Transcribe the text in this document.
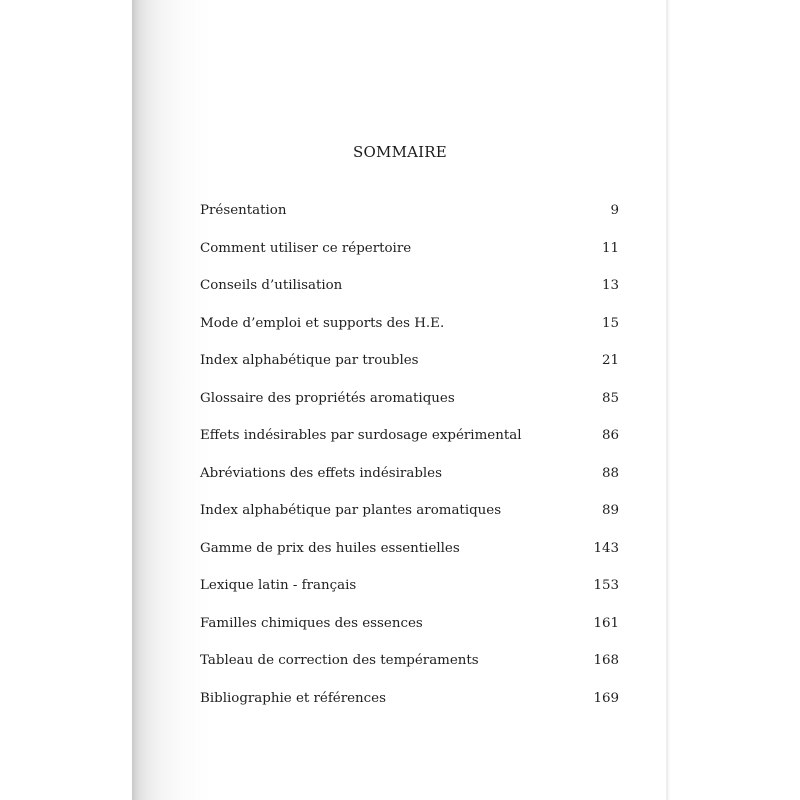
SOMMAIRE
Présentation	9
Comment utiliser ce répertoire	11
Conseils d’utilisation	13
Mode d’emploi et supports des H.E.	15
Index alphabétique par troubles	21
Glossaire des propriétés aromatiques	85
Effets indésirables par surdosage expérimental	86
Abréviations des effets indésirables	88
Index alphabétique par plantes aromatiques	89
Gamme de prix des huiles essentielles	143
Lexique latin - français	153
Familles chimiques des essences	161
Tableau de correction des tempéraments	168
Bibliographie et références	169
